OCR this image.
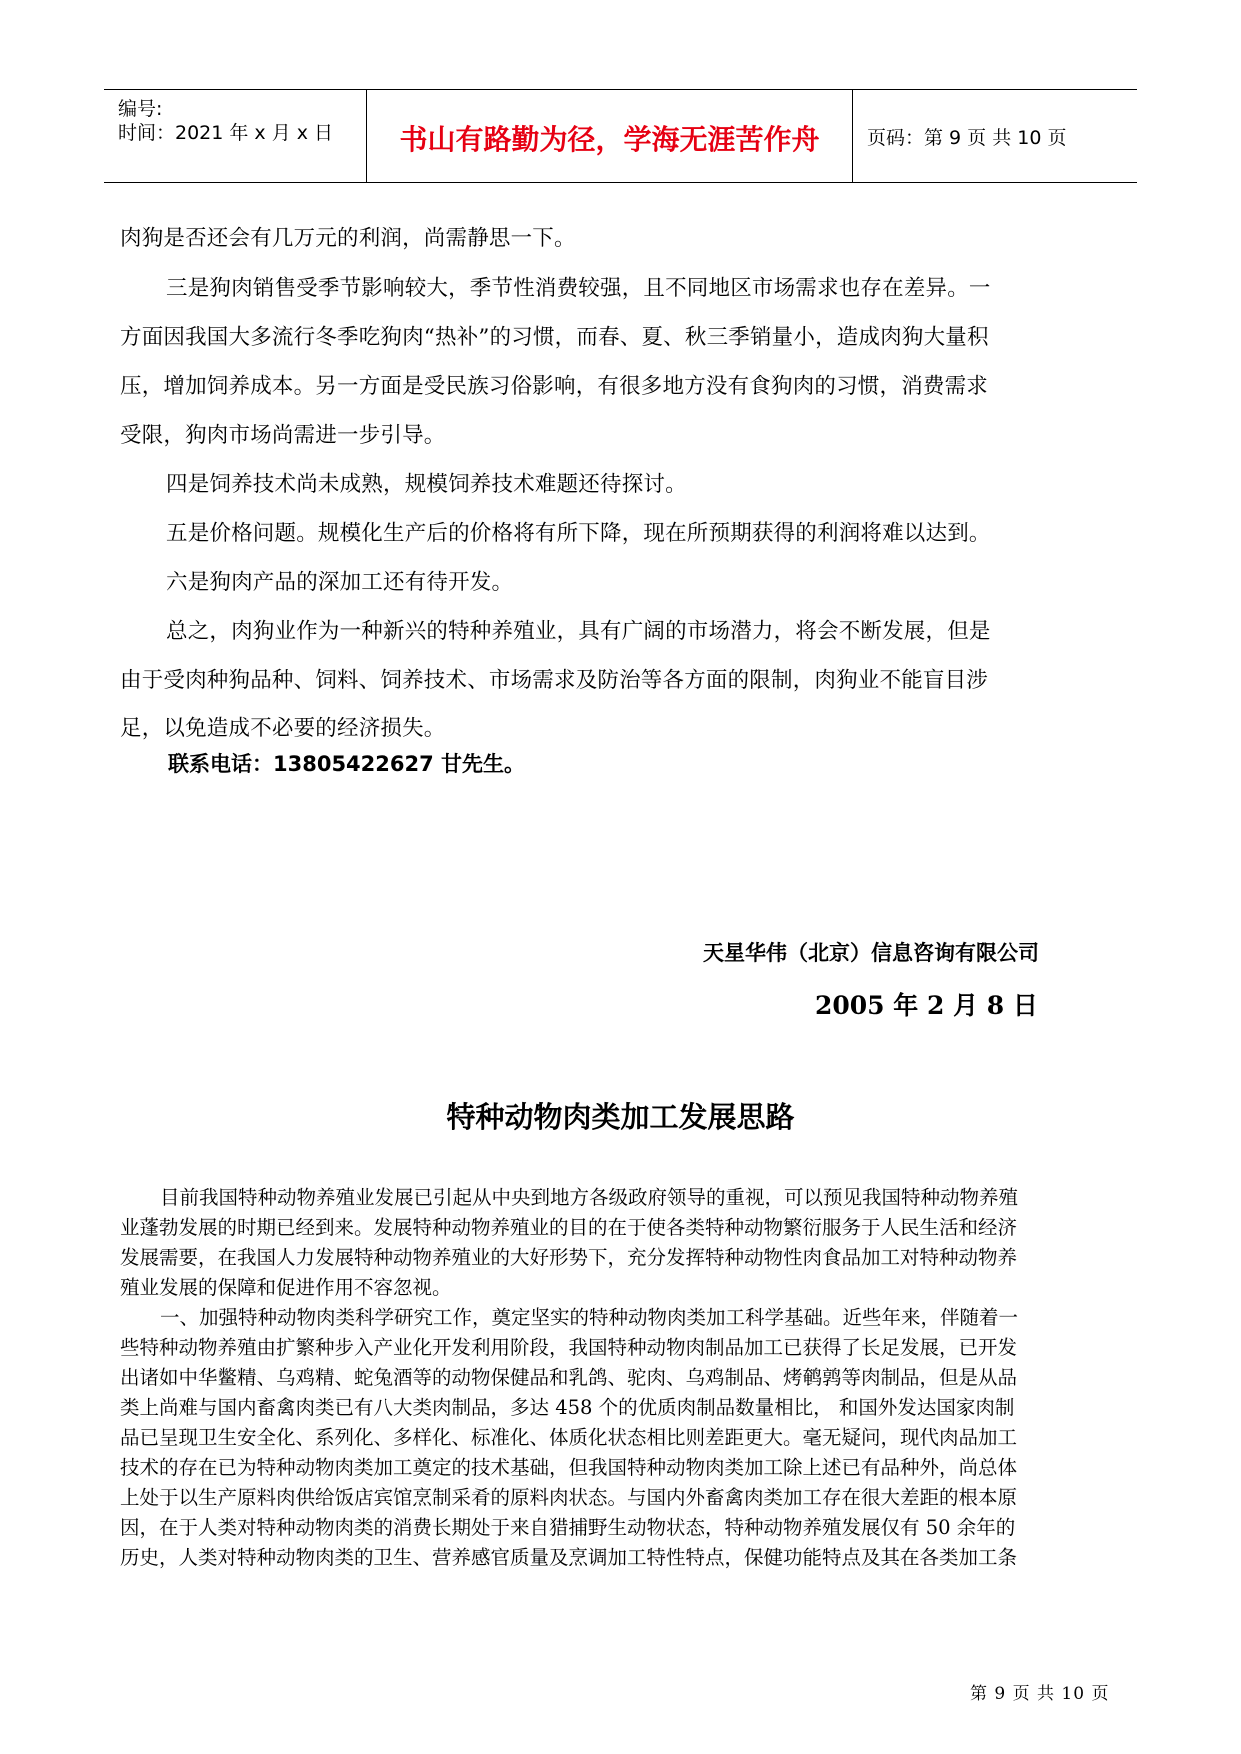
编号:
时间：2021 年 x 月 x 日	书山有路勤为径，学海无涯苦作舟	页码：第 9 页 共 10 页
肉狗是否还会有几万元的利润，尚需静思一下。
三是狗肉销售受季节影响较大，季节性消费较强，且不同地区市场需求也存在差异。一
方面因我国大多流行冬季吃狗肉“热补”的习惯，而春、夏、秋三季销量小，造成肉狗大量积
压，增加饲养成本。另一方面是受民族习俗影响，有很多地方没有食狗肉的习惯，消费需求
受限，狗肉市场尚需进一步引导。
四是饲养技术尚未成熟，规模饲养技术难题还待探讨。
五是价格问题。规模化生产后的价格将有所下降，现在所预期获得的利润将难以达到。
六是狗肉产品的深加工还有待开发。
总之，肉狗业作为一种新兴的特种养殖业，具有广阔的市场潜力，将会不断发展，但是
由于受肉种狗品种、饲料、饲养技术、市场需求及防治等各方面的限制，肉狗业不能盲目涉
足，以免造成不必要的经济损失。
联系电话：13805422627 甘先生。
天星华伟（北京）信息咨询有限公司
2005 年 2 月 8 日
特种动物肉类加工发展思路
目前我国特种动物养殖业发展已引起从中央到地方各级政府领导的重视，可以预见我国特种动物养殖
业蓬勃发展的时期已经到来。发展特种动物养殖业的目的在于使各类特种动物繁衍服务于人民生活和经济
发展需要，在我国人力发展特种动物养殖业的大好形势下，充分发挥特种动物性肉食品加工对特种动物养
殖业发展的保障和促进作用不容忽视。
一、加强特种动物肉类科学研究工作，奠定坚实的特种动物肉类加工科学基础。近些年来，伴随着一
些特种动物养殖由扩繁种步入产业化开发利用阶段，我国特种动物肉制品加工已获得了长足发展，已开发
出诸如中华鳖精、乌鸡精、蛇兔酒等的动物保健品和乳鸽、驼肉、乌鸡制品、烤鹌鹑等肉制品，但是从品
类上尚难与国内畜禽肉类已有八大类肉制品，多达 458 个的优质肉制品数量相比， 和国外发达国家肉制
品已呈现卫生安全化、系列化、多样化、标准化、体质化状态相比则差距更大。毫无疑问，现代肉品加工
技术的存在已为特种动物肉类加工奠定的技术基础，但我国特种动物肉类加工除上述已有品种外，尚总体
上处于以生产原料肉供给饭店宾馆烹制采肴的原料肉状态。与国内外畜禽肉类加工存在很大差距的根本原
因，在于人类对特种动物肉类的消费长期处于来自猎捕野生动物状态，特种动物养殖发展仅有 50 余年的
历史，人类对特种动物肉类的卫生、营养感官质量及烹调加工特性特点，保健功能特点及其在各类加工条
第 9 页 共 10 页
